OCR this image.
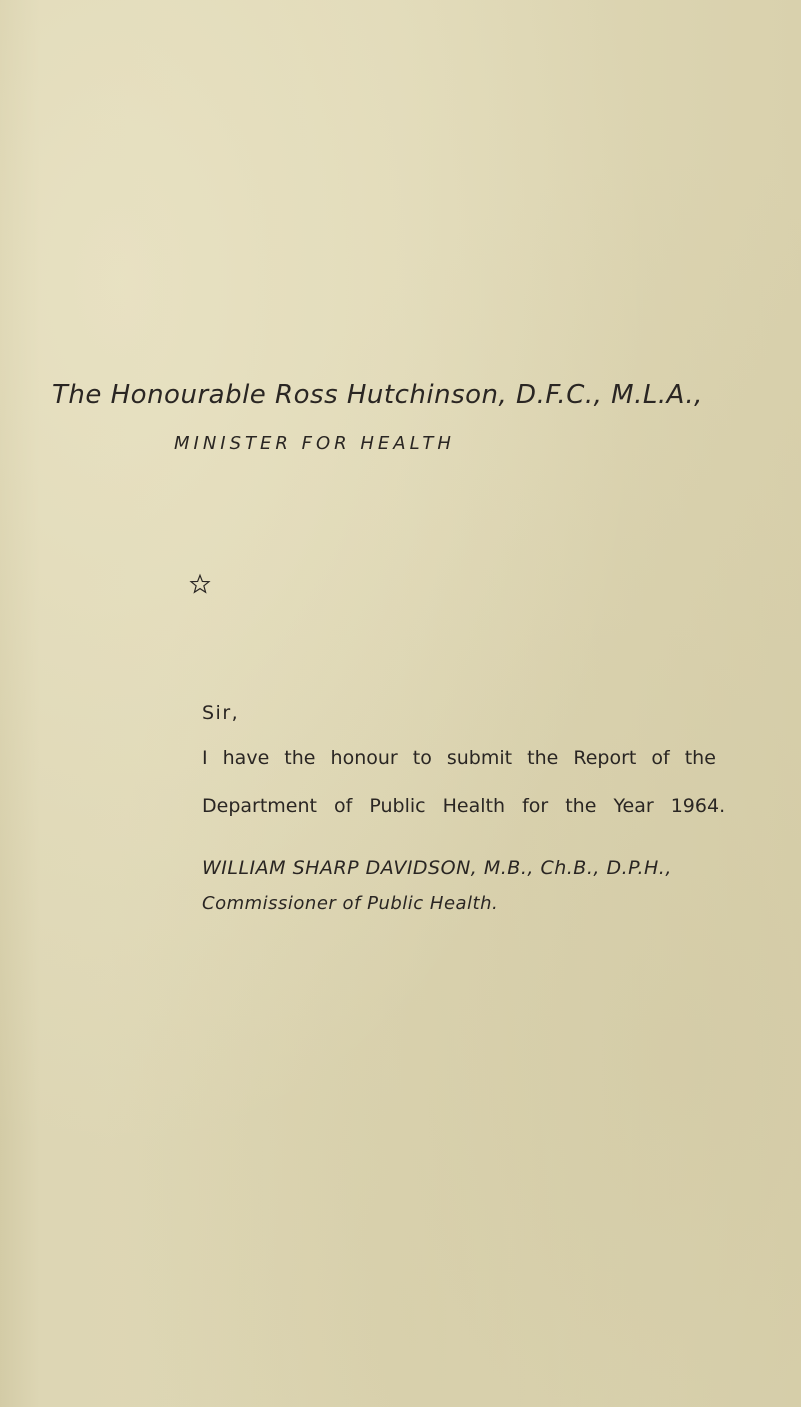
The Honourable Ross Hutchinson, D.F.C., M.L.A.,
MINISTER FOR HEALTH

Sir,

I have the honour to submit the Report of the

Department of Public Health for the Year 1964.

WILLIAM SHARP DAVIDSON, M.B., Ch.B., D.P.H.,

Commissioner of Public Health.
